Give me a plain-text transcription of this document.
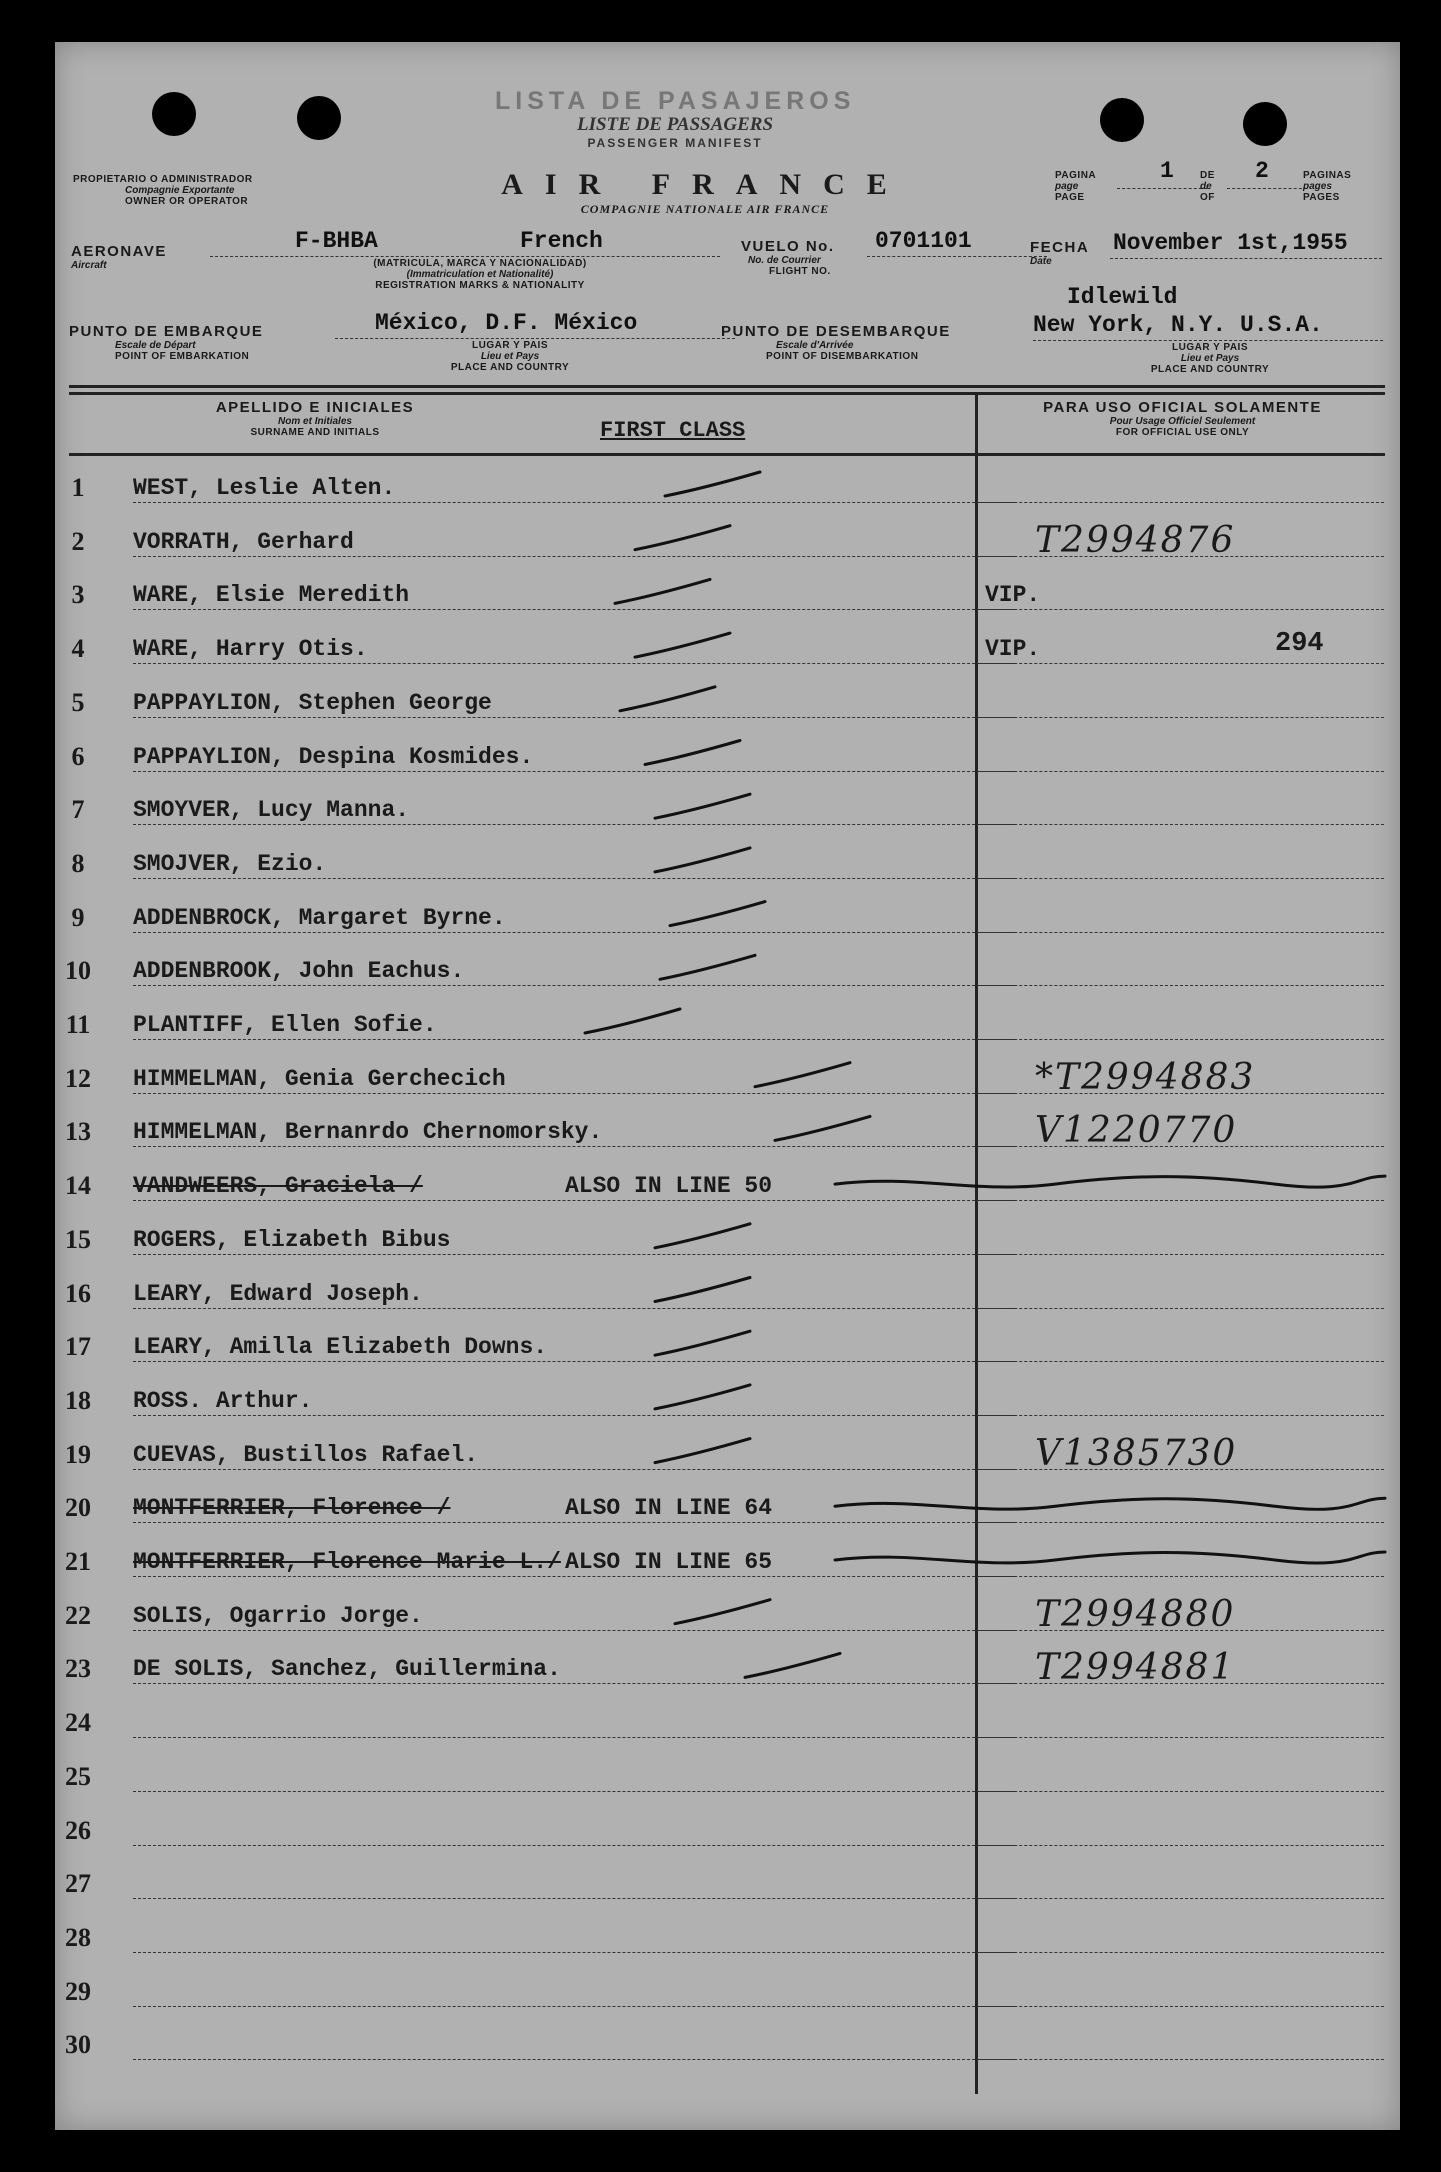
LISTA DE PASAJEROS
LISTE DE PASSAGERS
PASSENGER MANIFEST
PROPIETARIO O ADMINISTRADOR
Compagnie Exportante
OWNER OR OPERATOR
AIR FRANCE
COMPAGNIE NATIONALE AIR FRANCE
PAGINA
page
PAGE
1	DE
de
OF
2	PAGINAS
pages
PAGES
AERONAVE
Aircraft
F-BHBA	French
(MATRICULA, MARCA Y NACIONALIDAD)
(Immatriculation et Nationalité)
REGISTRATION MARKS & NATIONALITY
VUELO No.
No. de Courrier
FLIGHT NO.
0701101	FECHA
Date
November 1st,1955
PUNTO DE EMBARQUE
Escale de Départ
POINT OF EMBARKATION
México, D.F. México
LUGAR Y PAIS
Lieu et Pays
PLACE AND COUNTRY
PUNTO DE DESEMBARQUE
Escale d'Arrivée
POINT OF DISEMBARKATION
Idlewild
New York, N.Y. U.S.A.
LUGAR Y PAIS
Lieu et Pays
PLACE AND COUNTRY
APELLIDO E INICIALES
Nom et Initiales
SURNAME AND INITIALS	FIRST CLASS
PARA USO OFICIAL SOLAMENTE
Pour Usage Officiel Seulement
FOR OFFICIAL USE ONLY
1	WEST, Leslie Alten.
2	VORRATH, Gerhard	T2994876
3	WARE, Elsie Meredith	VIP.
4	WARE, Harry Otis.	VIP.	294
5	PAPPAYLION, Stephen George
6	PAPPAYLION, Despina Kosmides.
7	SMOYVER, Lucy Manna.
8	SMOJVER, Ezio.
9	ADDENBROCK, Margaret Byrne.
10 ADDENBROOK, John Eachus.
11 PLANTIFF, Ellen Sofie.
12 HIMMELMAN, Genia Gerchecich	*T2994883
13 HIMMELMAN, Bernanrdo Chernomorsky.	V1220770
14 VANDWEERS, Graciela /	ALSO IN LINE 50
15 ROGERS, Elizabeth Bibus
16 LEARY, Edward Joseph.
17 LEARY, Amilla Elizabeth Downs.
18 ROSS. Arthur.
19 CUEVAS, Bustillos Rafael.	V1385730
20 MONTFERRIER, Florence /	ALSO IN LINE 64
21 MONTFERRIER, Florence Marie L./ ALSO IN LINE 65
22 SOLIS, Ogarrio Jorge.	T2994880
23 DE SOLIS, Sanchez, Guillermina.	T2994881
24
25
26
27
28
29
30
